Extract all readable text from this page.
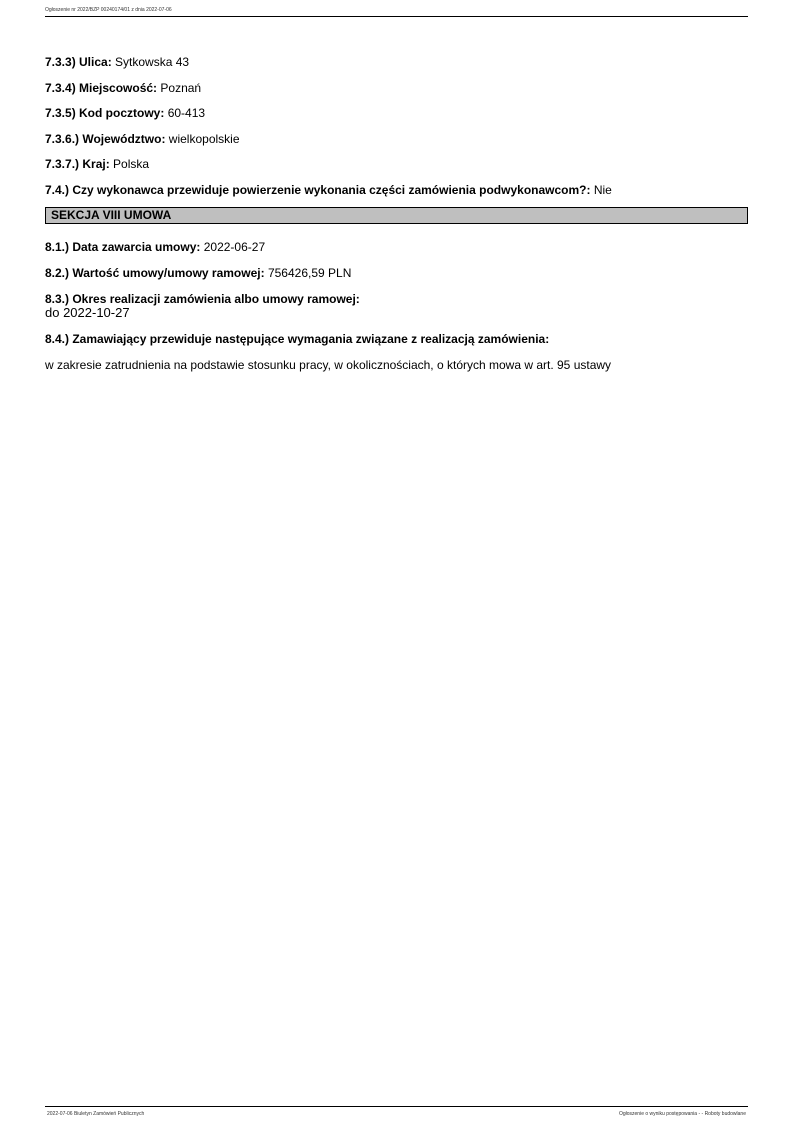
Ogłoszenie nr 2022/BZP 00240174/01 z dnia 2022-07-06
7.3.3) Ulica: Sytkowska 43
7.3.4) Miejscowość: Poznań
7.3.5) Kod pocztowy: 60-413
7.3.6.) Województwo: wielkopolskie
7.3.7.) Kraj: Polska
7.4.) Czy wykonawca przewiduje powierzenie wykonania części zamówienia podwykonawcom?: Nie
SEKCJA VIII UMOWA
8.1.) Data zawarcia umowy: 2022-06-27
8.2.) Wartość umowy/umowy ramowej: 756426,59 PLN
8.3.) Okres realizacji zamówienia albo umowy ramowej:
do 2022-10-27
8.4.) Zamawiający przewiduje następujące wymagania związane z realizacją zamówienia:
w zakresie zatrudnienia na podstawie stosunku pracy, w okolicznościach, o których mowa w art. 95 ustawy
2022-07-06 Biuletyn Zamówień Publicznych	Ogłoszenie o wyniku postępowania - - Roboty budowlane
